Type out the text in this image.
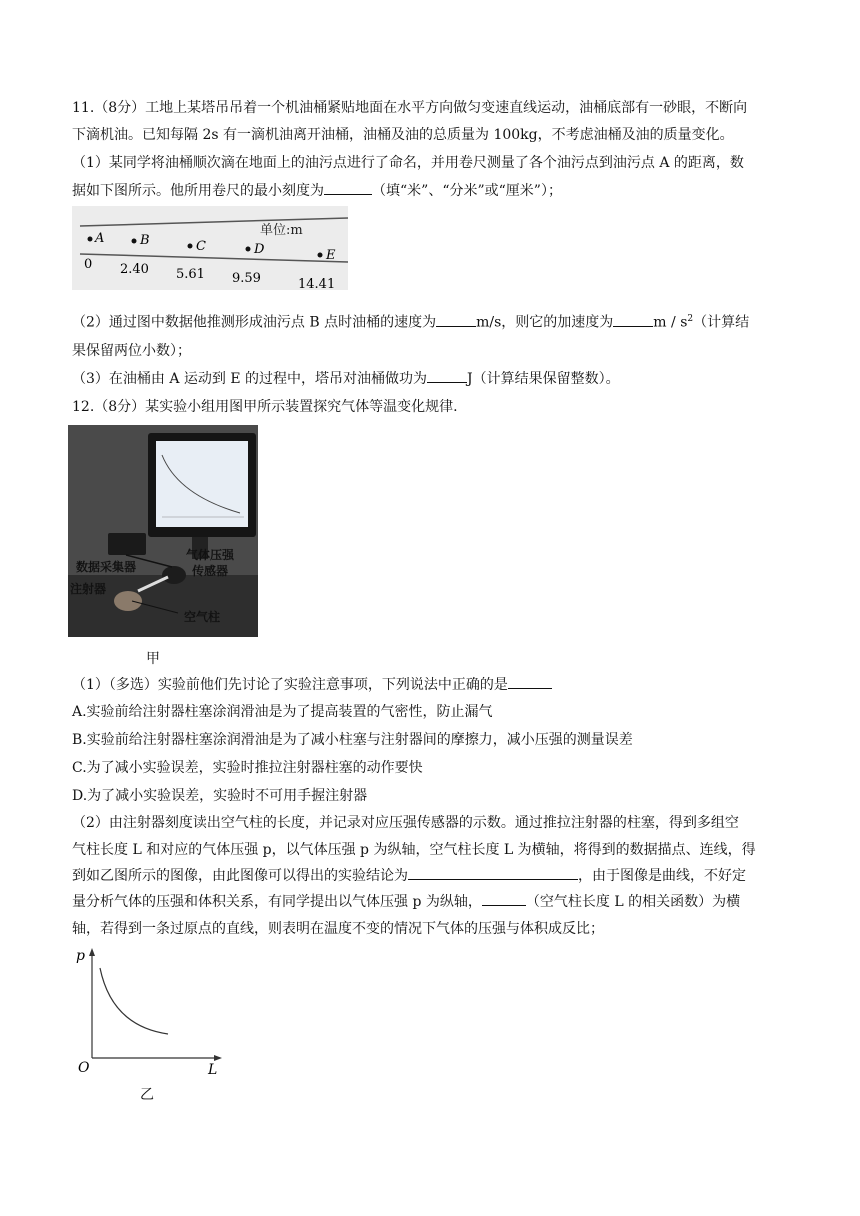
11.（8分）工地上某塔吊吊着一个机油桶紧贴地面在水平方向做匀变速直线运动，油桶底部有一砂眼，不断向
下滴机油。已知每隔 2s 有一滴机油离开油桶，油桶及油的总质量为 100kg，不考虑油桶及油的质量变化。
（1）某同学将油桶顺次滴在地面上的油污点进行了命名，并用卷尺测量了各个油污点到油污点 A 的距离，数
据如下图所示。他所用卷尺的最小刻度为	（填“米”、“分米”或“厘米”）；
单位:m
A
0
B
2.40
C
5.61
D
9.59
E
14.41
（2）通过图中数据他推测形成油污点 B 点时油桶的速度为	m/s，则它的加速度为	m / $s^2$（计算结
果保留两位小数）；
（3）在油桶由 A 运动到 E 的过程中，塔吊对油桶做功为	J（计算结果保留整数）。
12.（8分）某实验小组用图甲所示装置探究气体等温变化规律.
数据采集器
气体压强
传感器
注射器
空气柱
甲
（1）（多选）实验前他们先讨论了实验注意事项，下列说法中正确的是
A.实验前给注射器柱塞涂润滑油是为了提高装置的气密性，防止漏气
B.实验前给注射器柱塞涂润滑油是为了减小柱塞与注射器间的摩擦力，减小压强的测量误差
C.为了减小实验误差，实验时推拉注射器柱塞的动作要快
D.为了减小实验误差，实验时不可用手握注射器
（2）由注射器刻度读出空气柱的长度，并记录对应压强传感器的示数。通过推拉注射器的柱塞，得到多组空
气柱长度 L 和对应的气体压强 p，以气体压强 p 为纵轴，空气柱长度 L 为横轴，将得到的数据描点、连线，得
到如乙图所示的图像，由此图像可以得出的实验结论为	，由于图像是曲线，不好定
量分析气体的压强和体积关系，有同学提出以气体压强 p 为纵轴，	（空气柱长度 L 的相关函数）为横
轴，若得到一条过原点的直线，则表明在温度不变的情况下气体的压强与体积成反比；
p
L
O
乙
